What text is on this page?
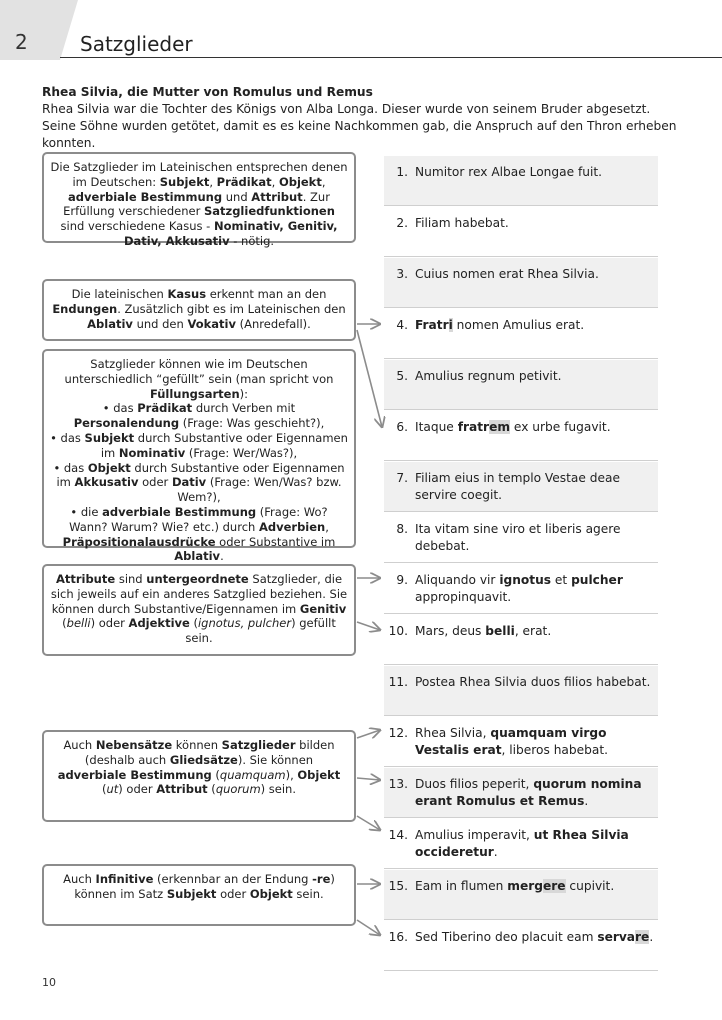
2	Satzglieder
Rhea Silvia, die Mutter von Romulus und Remus

Rhea Silvia war die Tochter des Königs von Alba Longa. Dieser wurde von seinem Bruder abgesetzt. Seine Söhne wurden getötet, damit es es keine Nachkommen gab, die Anspruch auf den Thron erheben konnten.

Die Satzglieder im Lateinischen entsprechen denen im Deutschen: Subjekt, Prädikat, Objekt, adverbiale Bestimmung und Attribut. Zur Erfüllung verschiedener Satzgliedfunktionen sind verschiedene Kasus - Nominativ, Genitiv, Dativ, Akkusativ - nötig.
Die lateinischen Kasus erkennt man an den Endungen. Zusätzlich gibt es im Lateinischen den Ablativ und den Vokativ (Anredefall).
Satzglieder können wie im Deutschen unterschiedlich “gefüllt” sein (man spricht von Füllungsarten):
• das Prädikat durch Verben mit Personalendung (Frage: Was geschieht?),
• das Subjekt durch Substantive oder Eigennamen im Nominativ (Frage: Wer/Was?),
• das Objekt durch Substantive oder Eigennamen im Akkusativ oder Dativ (Frage: Wen/Was? bzw. Wem?),
• die adverbiale Bestimmung (Frage: Wo? Wann? Warum? Wie? etc.) durch Adverbien, Präpositionalausdrücke oder Substantive im Ablativ.
Attribute sind untergeordnete Satzglieder, die sich jeweils auf ein anderes Satzglied beziehen. Sie können durch Substantive/Eigennamen im Genitiv (belli) oder Adjektive (ignotus, pulcher) gefüllt sein.
Auch Nebensätze können Satzglieder bilden (deshalb auch Gliedsätze). Sie können adverbiale Bestimmung (quamquam), Objekt (ut) oder Attribut (quorum) sein.
Auch Infinitive (erkennbar an der Endung -re) können im Satz Subjekt oder Objekt sein.
1. Numitor rex Albae Longae fuit.
2. Filiam habebat.
3. Cuius nomen erat Rhea Silvia.
4. Fratri nomen Amulius erat.
5. Amulius regnum petivit.
6. Itaque fratrem ex urbe fugavit.
7. Filiam eius in templo Vestae deae servire coegit.
8. Ita vitam sine viro et liberis agere debebat.
9. Aliquando vir ignotus et pulcher appropinquavit.
10. Mars, deus belli, erat.
11. Postea Rhea Silvia duos filios habebat.
12. Rhea Silvia, quamquam virgo Vestalis erat, liberos habebat.
13. Duos filios peperit, quorum nomina erant Romulus et Remus.
14. Amulius imperavit, ut Rhea Silvia occideretur.
15. Eam in flumen mergere cupivit.
16. Sed Tiberino deo placuit eam servare.
10
